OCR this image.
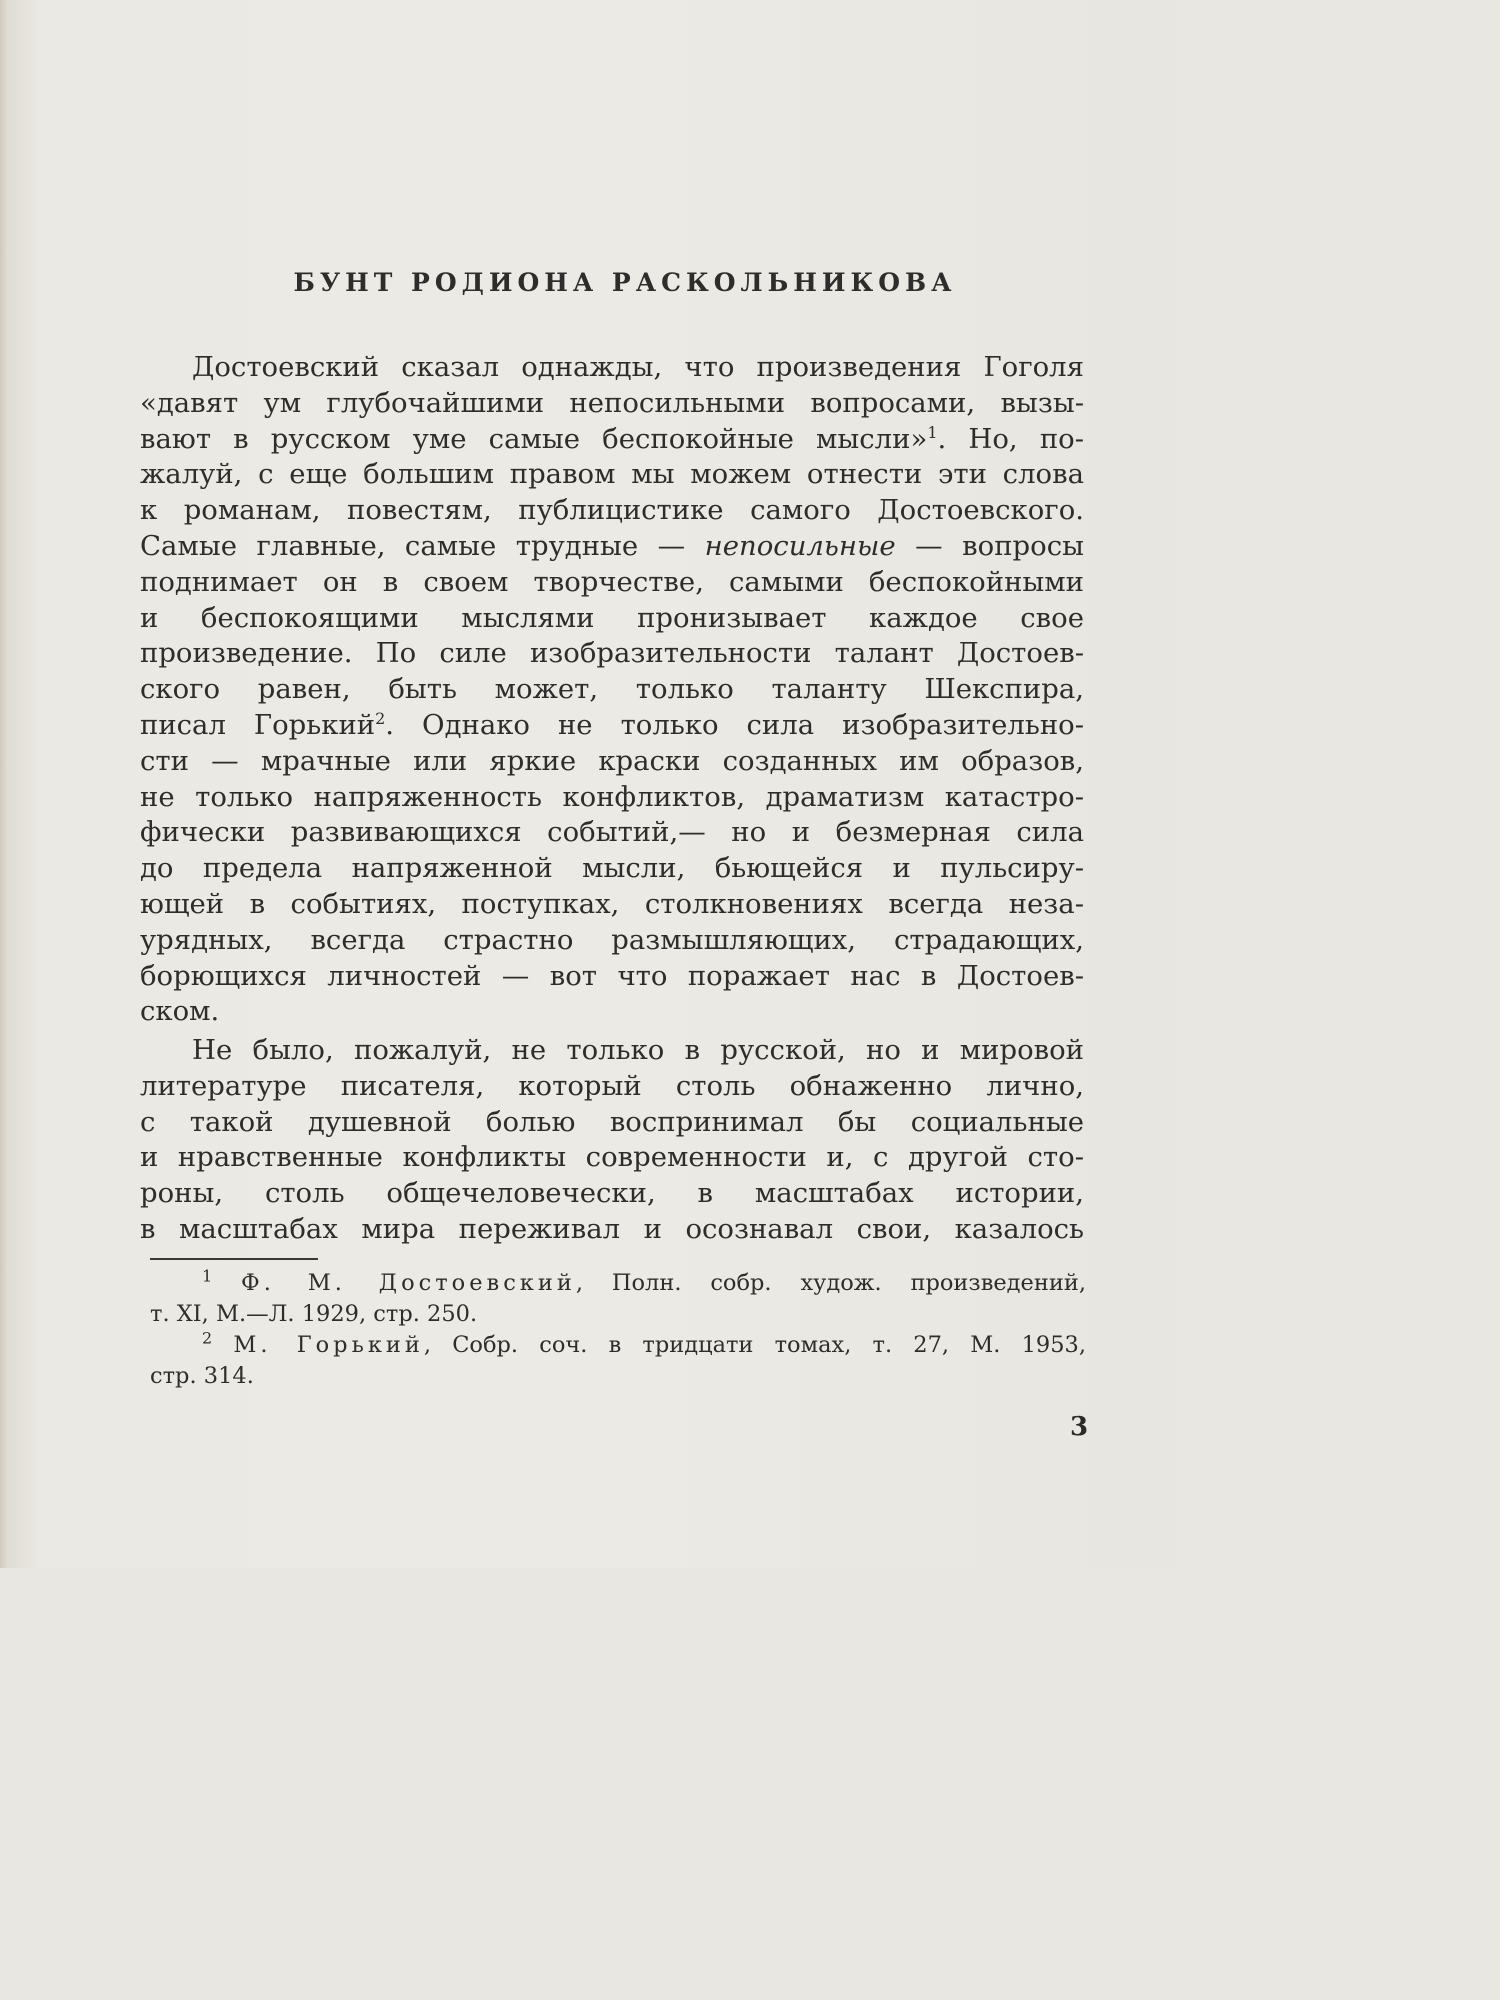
БУНТ РОДИОНА РАСКОЛЬНИКОВА

Достоевский сказал однажды, что произведения Гоголя
«давят ум глубочайшими непосильными вопросами, вызы-
вают в русском уме самые беспокойные мысли»$^1$. Но, по-
жалуй, с еще большим правом мы можем отнести эти слова
к романам, повестям, публицистике самого Достоевского.
Самые главные, самые трудные — непосильные — вопросы
поднимает он в своем творчестве, самыми беспокойными
и беспокоящими мыслями пронизывает каждое свое
произведение. По силе изобразительности талант Достоев-
ского равен, быть может, только таланту Шекспира,
писал Горький$^2$. Однако не только сила изобразительно-
сти — мрачные или яркие краски созданных им образов,
не только напряженность конфликтов, драматизм катастро-
фически развивающихся событий,— но и безмерная сила
до предела напряженной мысли, бьющейся и пульсиру-
ющей в событиях, поступках, столкновениях всегда неза-
урядных, всегда страстно размышляющих, страдающих,
борющихся личностей — вот что поражает нас в Достоев-
ском.

Не было, пожалуй, не только в русской, но и мировой
литературе писателя, который столь обнаженно лично,
с такой душевной болью воспринимал бы социальные
и нравственные конфликты современности и, с другой сто-
роны, столь общечеловечески, в масштабах истории,
в масштабах мира переживал и осознавал свои, казалось

$^1$ Ф. М. Достоевский, Полн. собр. худож. произведений,
т. XI, М.—Л. 1929, стр. 250.
$^2$ М. Горький, Собр. соч. в тридцати томах, т. 27, М. 1953,
стр. 314.
3
